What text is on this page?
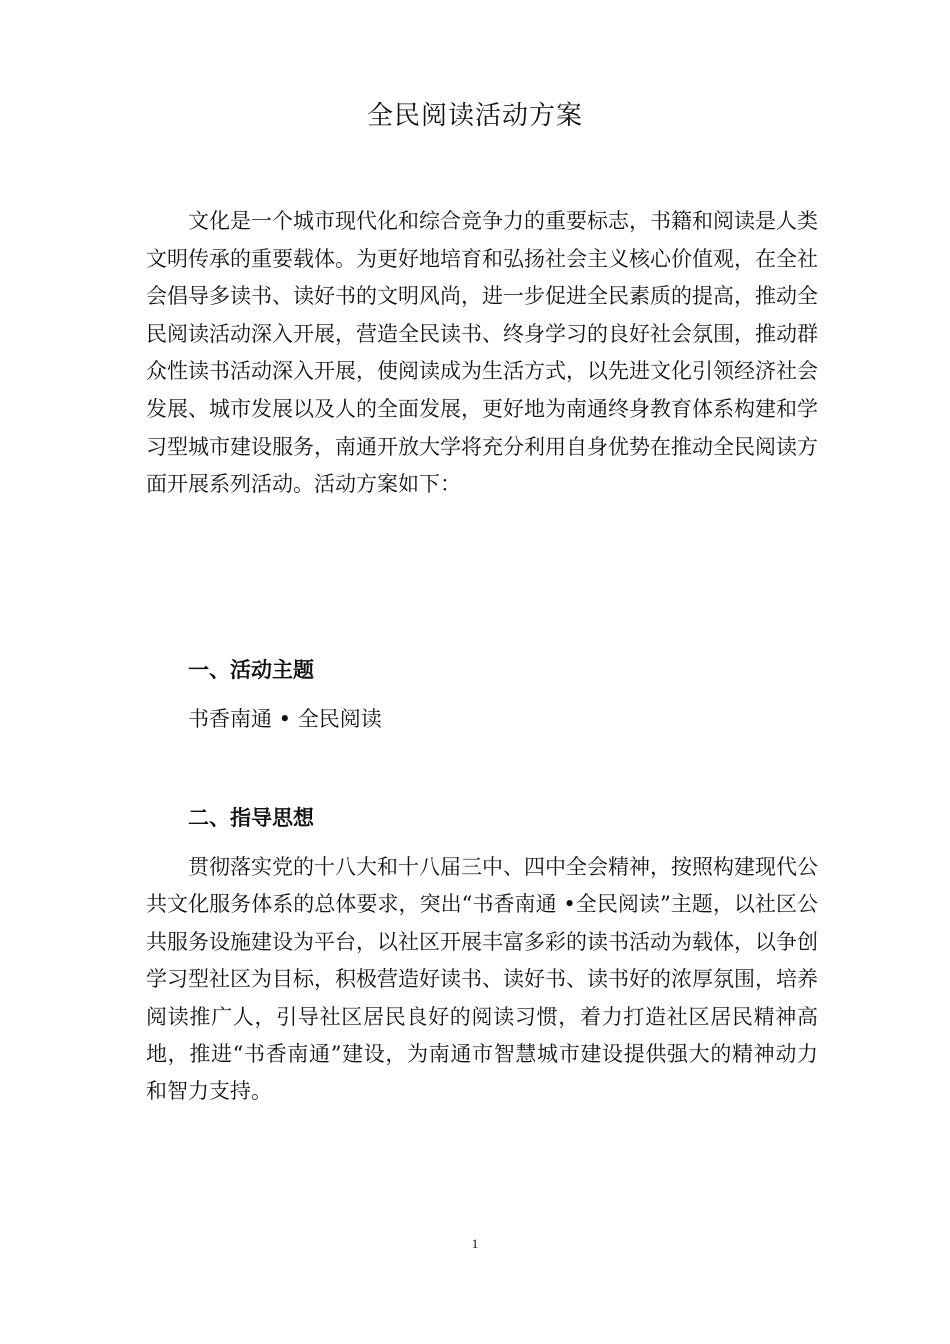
全民阅读活动方案

文化是一个城市现代化和综合竞争力的重要标志，书籍和阅读是人类文明传承的重要载体。为更好地培育和弘扬社会主义核心价值观，在全社会倡导多读书、读好书的文明风尚，进一步促进全民素质的提高，推动全民阅读活动深入开展，营造全民读书、终身学习的良好社会氛围，推动群众性读书活动深入开展，使阅读成为生活方式，以先进文化引领经济社会发展、城市发展以及人的全面发展，更好地为南通终身教育体系构建和学习型城市建设服务，南通开放大学将充分利用自身优势在推动全民阅读方面开展系列活动。活动方案如下：

一、活动主题

书香南通 • 全民阅读

二、指导思想

贯彻落实党的十八大和十八届三中、四中全会精神，按照构建现代公共文化服务体系的总体要求，突出“书香南通 •全民阅读”主题，以社区公共服务设施建设为平台，以社区开展丰富多彩的读书活动为载体，以争创学习型社区为目标，积极营造好读书、读好书、读书好的浓厚氛围，培养阅读推广人，引导社区居民良好的阅读习惯，着力打造社区居民精神高地，推进“书香南通”建设，为南通市智慧城市建设提供强大的精神动力和智力支持。

1
